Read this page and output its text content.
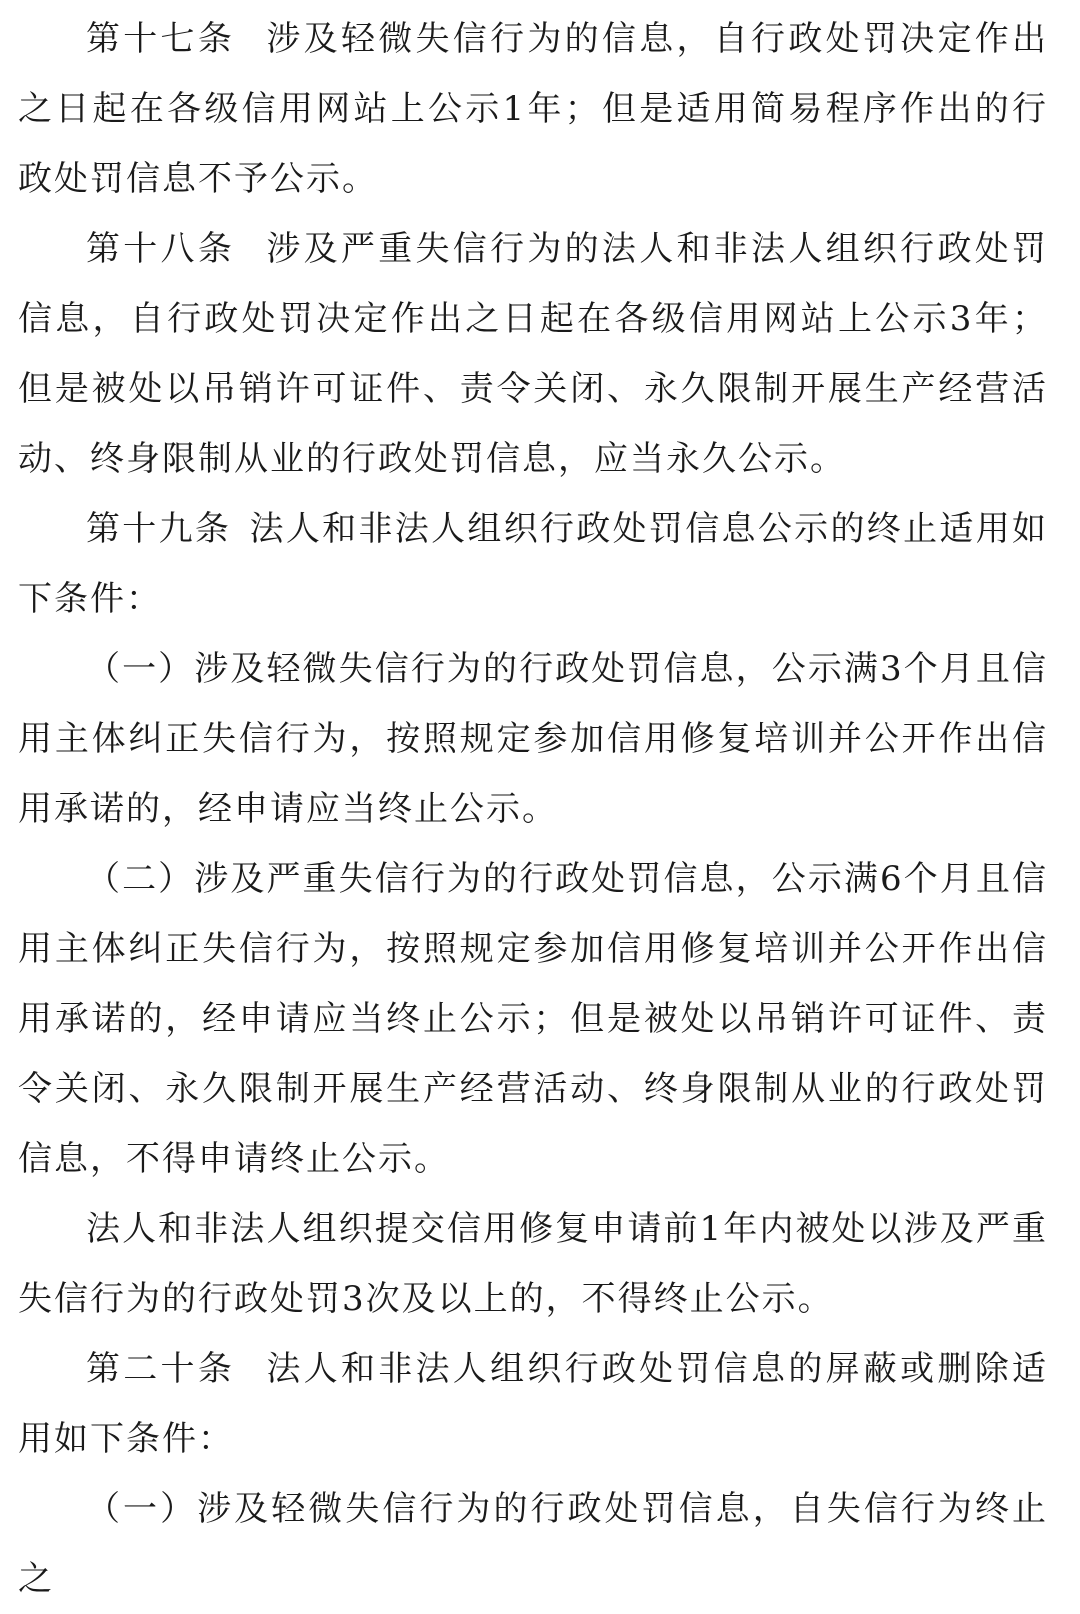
第十七条 涉及轻微失信行为的信息，自行政处罚决定作出之日起在各级信用网站上公示1年；但是适用简易程序作出的行政处罚信息不予公示。

第十八条 涉及严重失信行为的法人和非法人组织行政处罚信息，自行政处罚决定作出之日起在各级信用网站上公示3年；但是被处以吊销许可证件、责令关闭、永久限制开展生产经营活动、终身限制从业的行政处罚信息，应当永久公示。

第十九条 法人和非法人组织行政处罚信息公示的终止适用如下条件：

（一）涉及轻微失信行为的行政处罚信息，公示满3个月且信用主体纠正失信行为，按照规定参加信用修复培训并公开作出信用承诺的，经申请应当终止公示。

（二）涉及严重失信行为的行政处罚信息，公示满6个月且信用主体纠正失信行为，按照规定参加信用修复培训并公开作出信用承诺的，经申请应当终止公示；但是被处以吊销许可证件、责令关闭、永久限制开展生产经营活动、终身限制从业的行政处罚信息，不得申请终止公示。

法人和非法人组织提交信用修复申请前1年内被处以涉及严重失信行为的行政处罚3次及以上的，不得终止公示。

第二十条 法人和非法人组织行政处罚信息的屏蔽或删除适用如下条件：

（一）涉及轻微失信行为的行政处罚信息，自失信行为终止之
